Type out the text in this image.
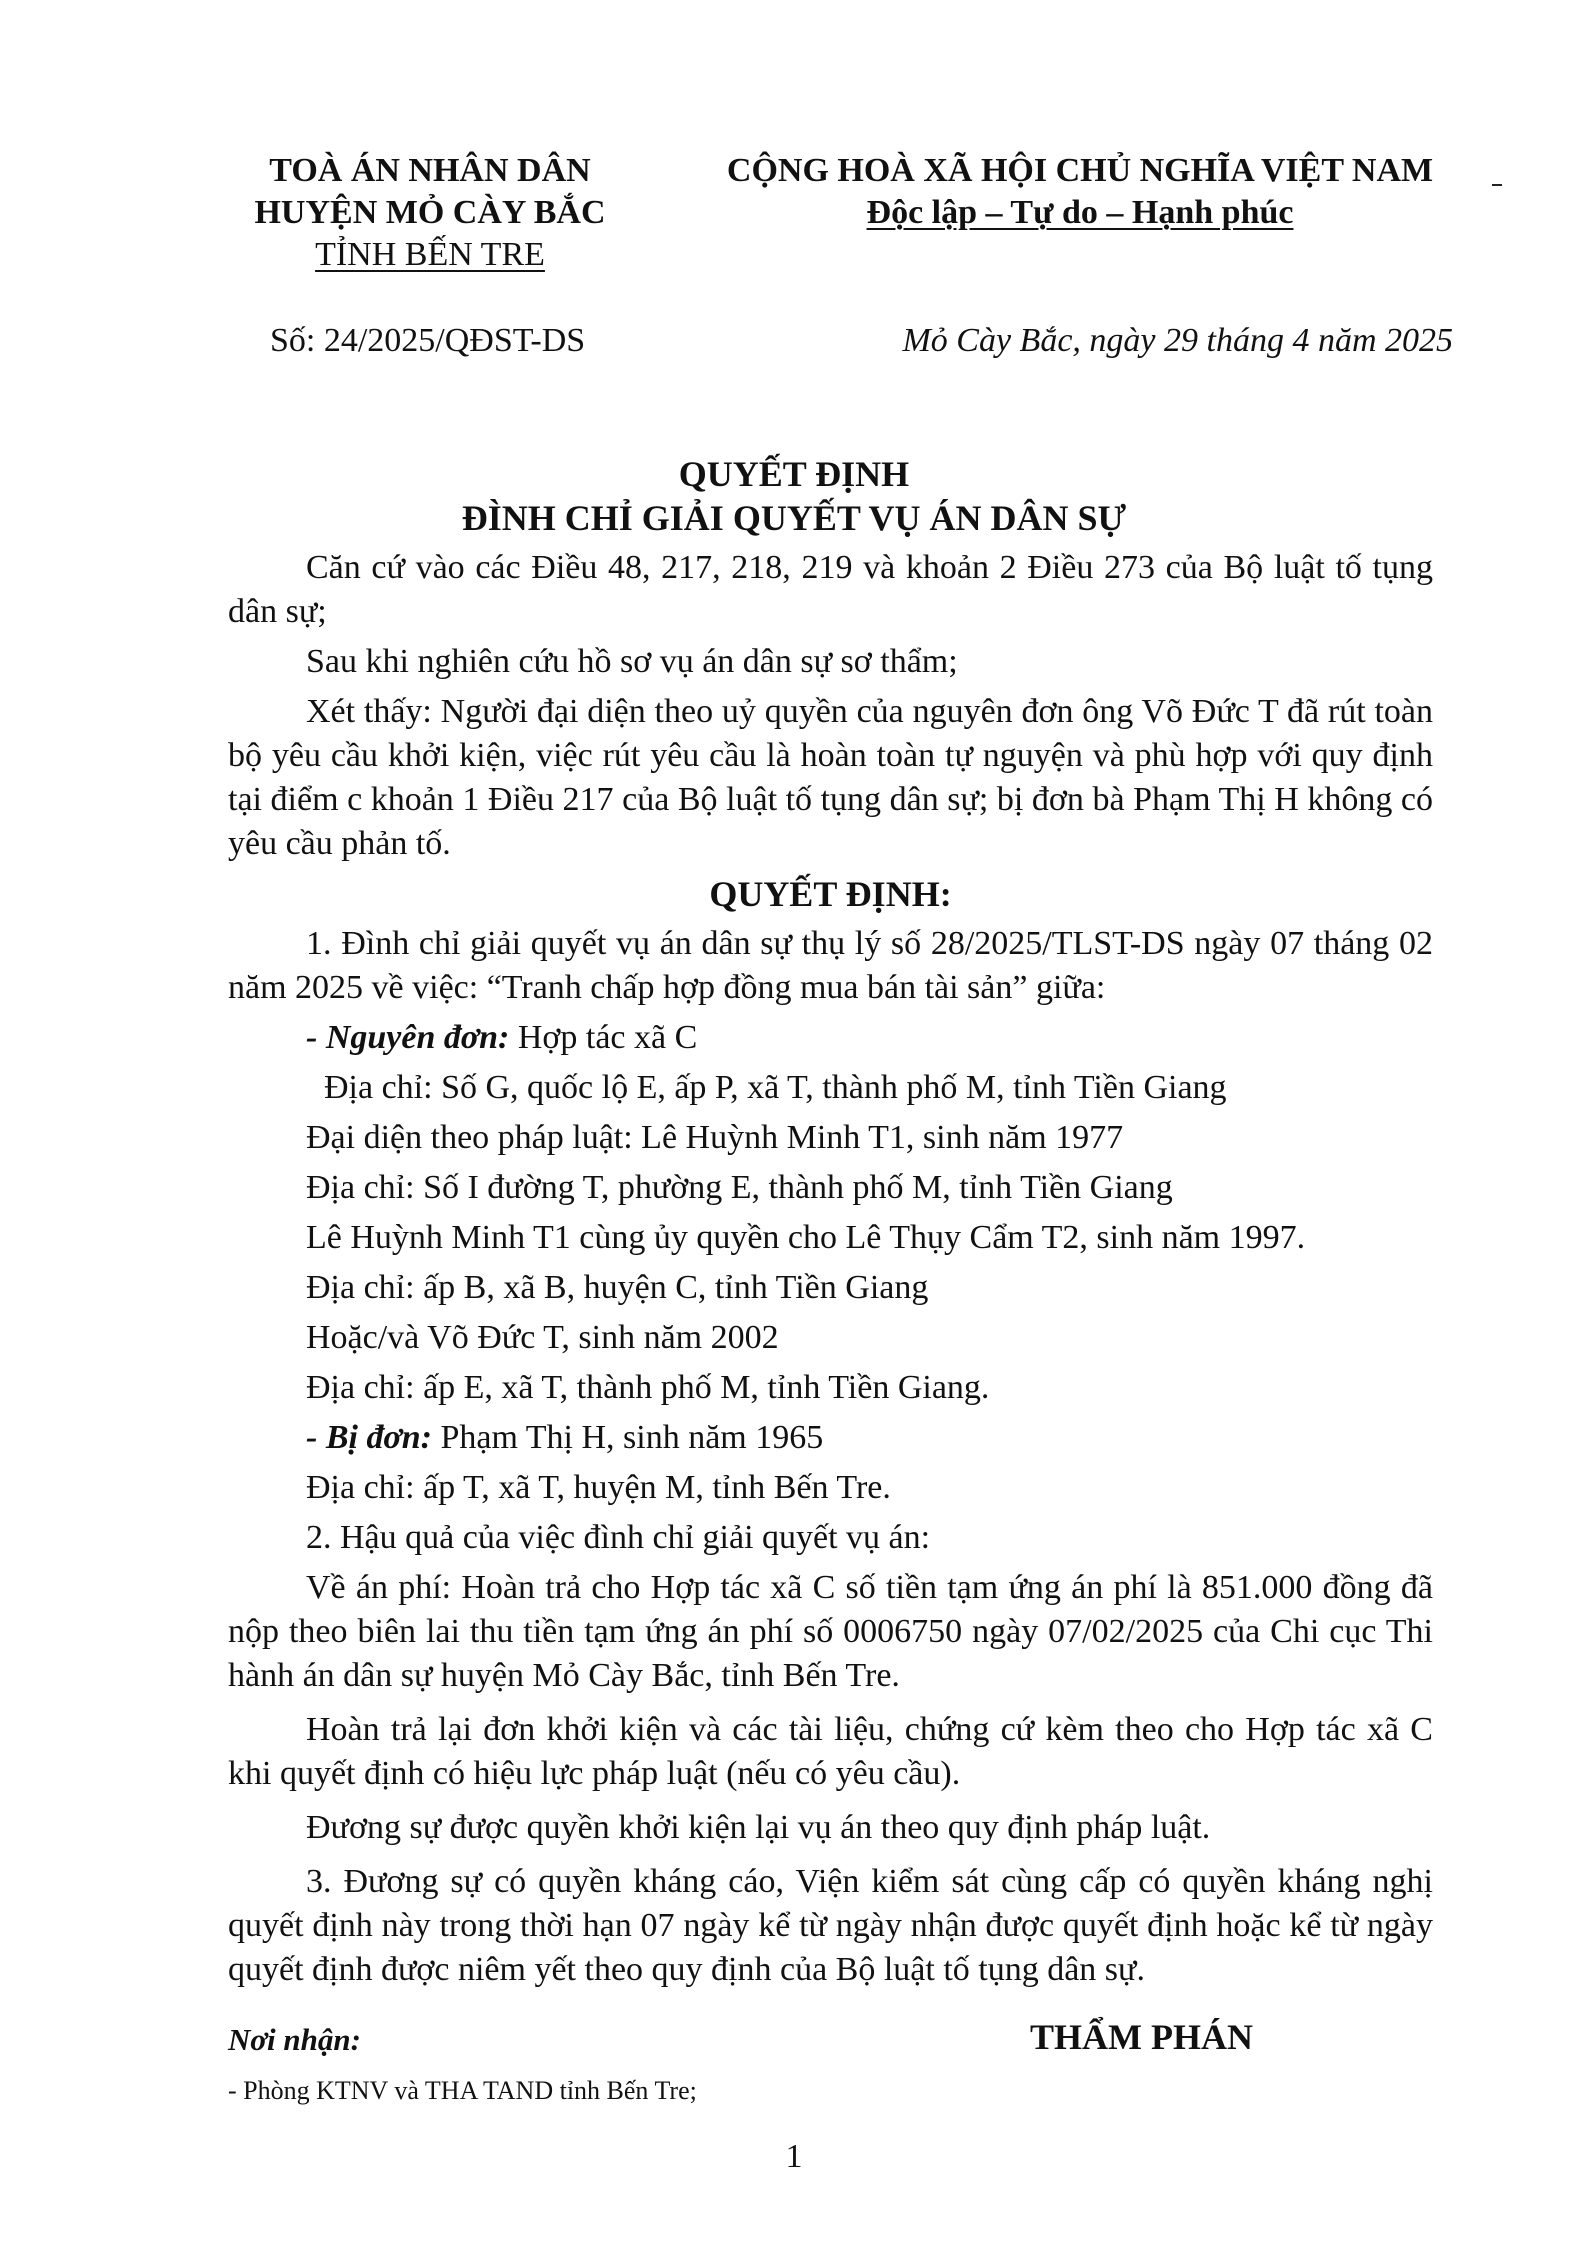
TOÀ ÁN NHÂN DÂN
HUYỆN MỎ CÀY BẮC
TỈNH BẾN TRE
CỘNG HOÀ XÃ HỘI CHỦ NGHĨA VIỆT NAM
Độc lập – Tự do – Hạnh phúc
Số: 24/2025/QĐST-DS	Mỏ Cày Bắc, ngày 29 tháng 4 năm 2025
QUYẾT ĐỊNH
ĐÌNH CHỈ GIẢI QUYẾT VỤ ÁN DÂN SỰ

Căn cứ vào các Điều 48, 217, 218, 219 và khoản 2 Điều 273 của Bộ luật tố tụng dân sự;

Sau khi nghiên cứu hồ sơ vụ án dân sự sơ thẩm;

Xét thấy: Người đại diện theo uỷ quyền của nguyên đơn ông Võ Đức T đã rút toàn bộ yêu cầu khởi kiện, việc rút yêu cầu là hoàn toàn tự nguyện và phù hợp với quy định tại điểm c khoản 1 Điều 217 của Bộ luật tố tụng dân sự; bị đơn bà Phạm Thị H không có yêu cầu phản tố.

QUYẾT ĐỊNH:

1. Đình chỉ giải quyết vụ án dân sự thụ lý số 28/2025/TLST-DS ngày 07 tháng 02 năm 2025 về việc: “Tranh chấp hợp đồng mua bán tài sản” giữa:

- Nguyên đơn: Hợp tác xã C

Địa chỉ: Số G, quốc lộ E, ấp P, xã T, thành phố M, tỉnh Tiền Giang

Đại diện theo pháp luật: Lê Huỳnh Minh T1, sinh năm 1977

Địa chỉ: Số I đường T, phường E, thành phố M, tỉnh Tiền Giang

Lê Huỳnh Minh T1 cùng ủy quyền cho Lê Thụy Cẩm T2, sinh năm 1997.

Địa chỉ: ấp B, xã B, huyện C, tỉnh Tiền Giang

Hoặc/và Võ Đức T, sinh năm 2002

Địa chỉ: ấp E, xã T, thành phố M, tỉnh Tiền Giang.

- Bị đơn: Phạm Thị H, sinh năm 1965

Địa chỉ: ấp T, xã T, huyện M, tỉnh Bến Tre.

2. Hậu quả của việc đình chỉ giải quyết vụ án:

Về án phí: Hoàn trả cho Hợp tác xã C số tiền tạm ứng án phí là 851.000 đồng đã nộp theo biên lai thu tiền tạm ứng án phí số 0006750 ngày 07/02/2025 của Chi cục Thi hành án dân sự huyện Mỏ Cày Bắc, tỉnh Bến Tre.

Hoàn trả lại đơn khởi kiện và các tài liệu, chứng cứ kèm theo cho Hợp tác xã C khi quyết định có hiệu lực pháp luật (nếu có yêu cầu).

Đương sự được quyền khởi kiện lại vụ án theo quy định pháp luật.

3. Đương sự có quyền kháng cáo, Viện kiểm sát cùng cấp có quyền kháng nghị quyết định này trong thời hạn 07 ngày kể từ ngày nhận được quyết định hoặc kể từ ngày quyết định được niêm yết theo quy định của Bộ luật tố tụng dân sự.

Nơi nhận:	THẨM PHÁN
- Phòng KTNV và THA TAND tỉnh Bến Tre;
1
